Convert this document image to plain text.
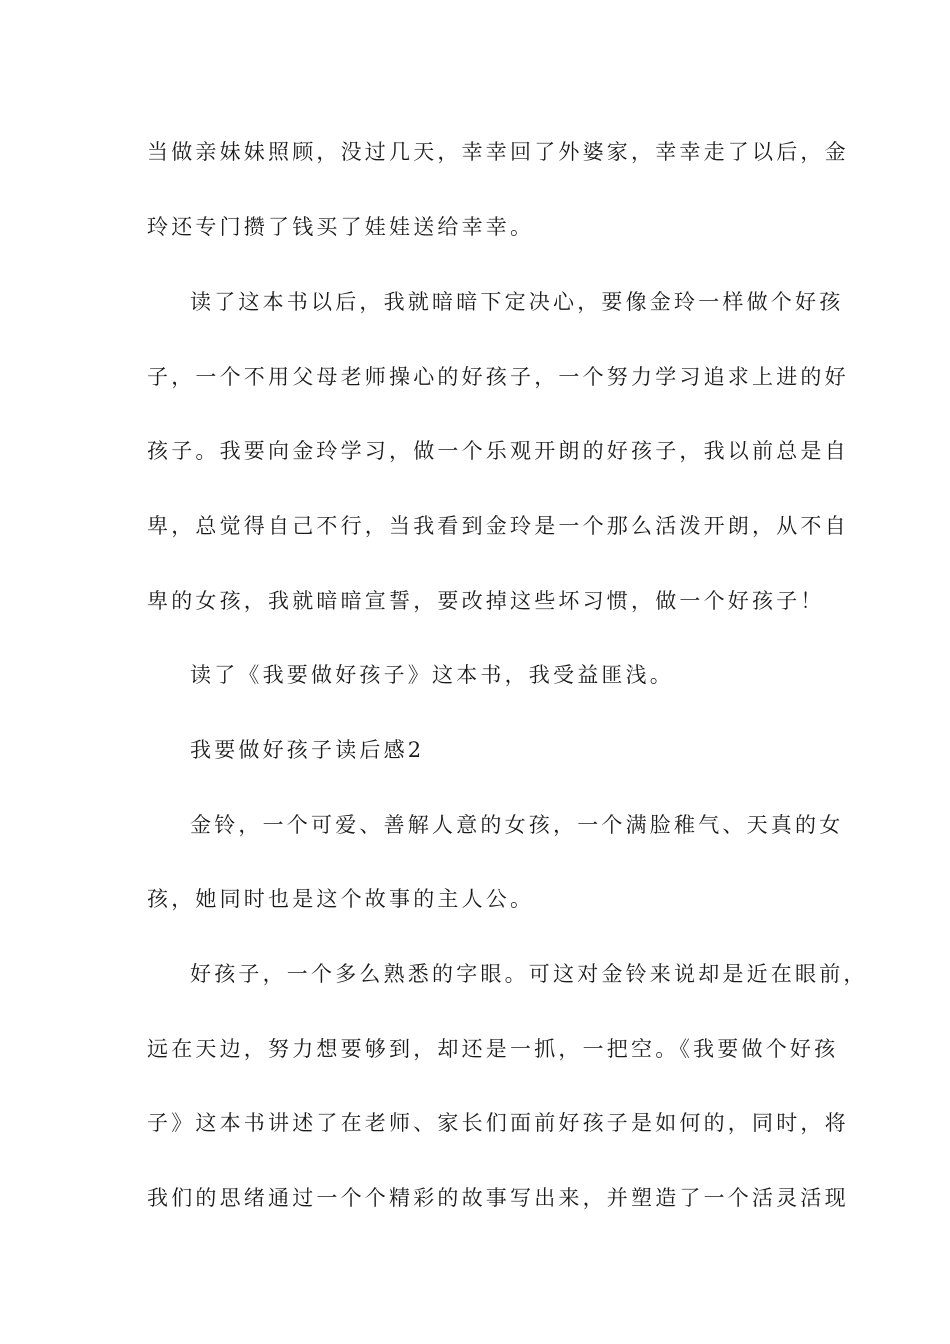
当做亲妹妹照顾，没过几天，幸幸回了外婆家，幸幸走了以后，金
玲还专门攒了钱买了娃娃送给幸幸。
读了这本书以后，我就暗暗下定决心，要像金玲一样做个好孩
子，一个不用父母老师操心的好孩子，一个努力学习追求上进的好
孩子。我要向金玲学习，做一个乐观开朗的好孩子，我以前总是自
卑，总觉得自己不行，当我看到金玲是一个那么活泼开朗，从不自
卑的女孩，我就暗暗宣誓，要改掉这些坏习惯，做一个好孩子！
读了《我要做好孩子》这本书，我受益匪浅。
我要做好孩子读后感2
金铃，一个可爱、善解人意的女孩，一个满脸稚气、天真的女
孩，她同时也是这个故事的主人公。
好孩子，一个多么熟悉的字眼。可这对金铃来说却是近在眼前，
远在天边，努力想要够到，却还是一抓，一把空。《我要做个好孩
子》这本书讲述了在老师、家长们面前好孩子是如何的，同时，将
我们的思绪通过一个个精彩的故事写出来，并塑造了一个活灵活现
